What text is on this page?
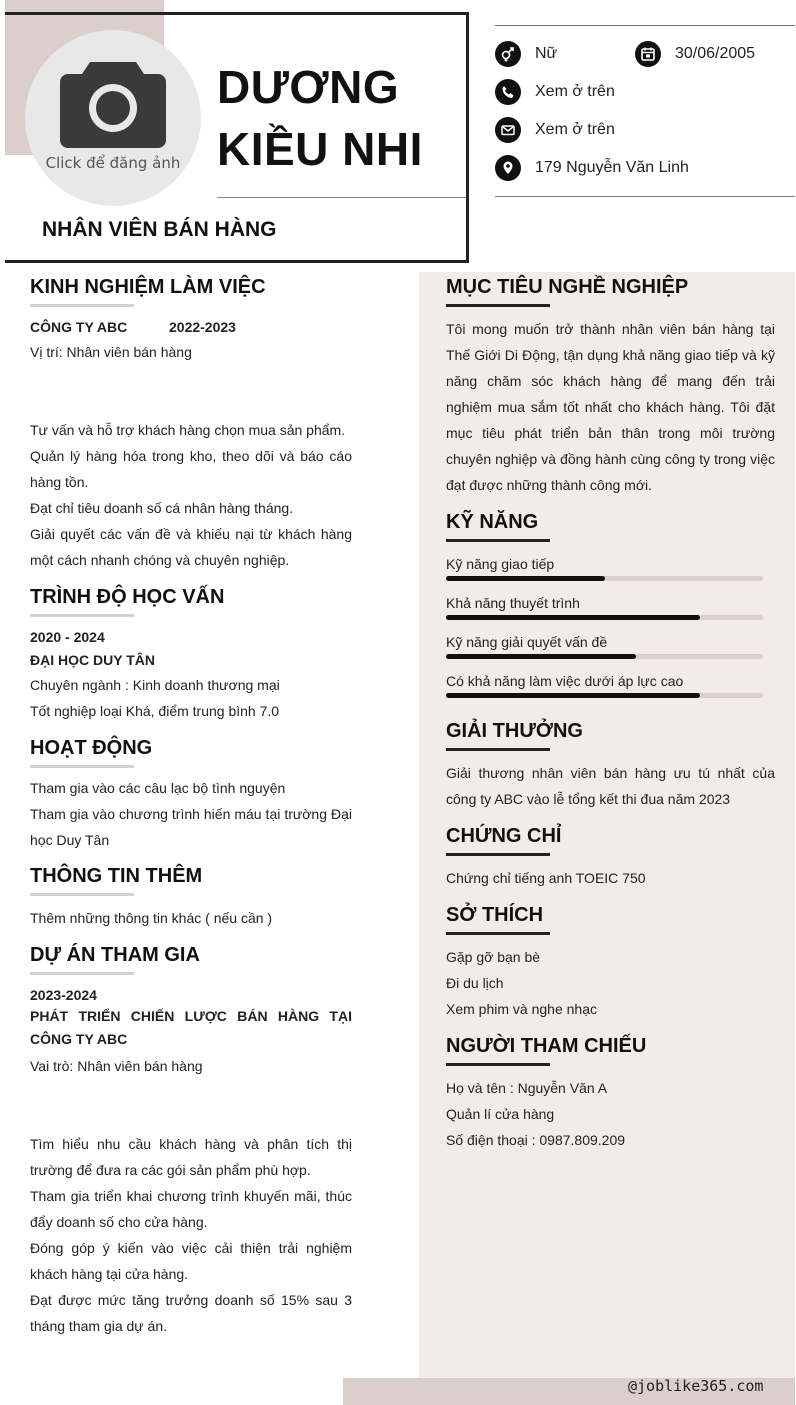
Click để đăng ảnh
DƯƠNG
KIỀU NHI
NHÂN VIÊN BÁN HÀNG
Nữ	30/06/2005
Xem ở trên
Xem ở trên
179 Nguyễn Văn Linh
KINH NGHIỆM LÀM VIỆC
CÔNG TY ABC	2022-2023
Vị trí: Nhân viên bán hàng
Tư vấn và hỗ trợ khách hàng chọn mua sản phẩm.
Quản lý hàng hóa trong kho, theo dõi và báo cáo hàng tồn.
Đạt chỉ tiêu doanh số cá nhân hàng tháng.
Giải quyết các vấn đề và khiếu nại từ khách hàng một cách nhanh chóng và chuyên nghiệp.
TRÌNH ĐỘ HỌC VẤN
2020 - 2024
ĐẠI HỌC DUY TÂN
Chuyên ngành : Kinh doanh thương mại
Tốt nghiệp loại Khá, điểm trung bình 7.0
HOẠT ĐỘNG
Tham gia vào các câu lạc bộ tình nguyện
Tham gia vào chương trình hiến máu tại trường Đại học Duy Tân
THÔNG TIN THÊM
Thêm những thông tin khác ( nếu cần )
DỰ ÁN THAM GIA
2023-2024
PHÁT TRIỂN CHIẾN LƯỢC BÁN HÀNG TẠI CÔNG TY ABC
Vai trò: Nhân viên bán hàng
Tìm hiểu nhu cầu khách hàng và phân tích thị trường để đưa ra các gói sản phẩm phù hợp.
Tham gia triển khai chương trình khuyến mãi, thúc đẩy doanh số cho cửa hàng.
Đóng góp ý kiến vào việc cải thiện trải nghiệm khách hàng tại cửa hàng.
Đạt được mức tăng trưởng doanh số 15% sau 3 tháng tham gia dự án.
MỤC TIÊU NGHỀ NGHIỆP
Tôi mong muốn trở thành nhân viên bán hàng tại Thế Giới Di Động, tận dụng khả năng giao tiếp và kỹ năng chăm sóc khách hàng để mang đến trải nghiệm mua sắm tốt nhất cho khách hàng. Tôi đặt mục tiêu phát triển bản thân trong môi trường chuyên nghiệp và đồng hành cùng công ty trong việc đạt được những thành công mới.
KỸ NĂNG
Kỹ năng giao tiếp
Khả năng thuyết trình
Kỹ năng giải quyết vấn đề
Có khả năng làm việc dưới áp lực cao
GIẢI THƯỞNG
Giải thương nhân viên bán hàng ưu tú nhất của công ty ABC vào lễ tổng kết thi đua năm 2023
CHỨNG CHỈ
Chứng chỉ tiếng anh TOEIC 750
SỞ THÍCH
Gặp gỡ bạn bè
Đi du lịch
Xem phim và nghe nhạc
NGƯỜI THAM CHIẾU
Họ và tên : Nguyễn Văn A
Quản lí cửa hàng
Số điện thoại : 0987.809.209
@joblike365.com
